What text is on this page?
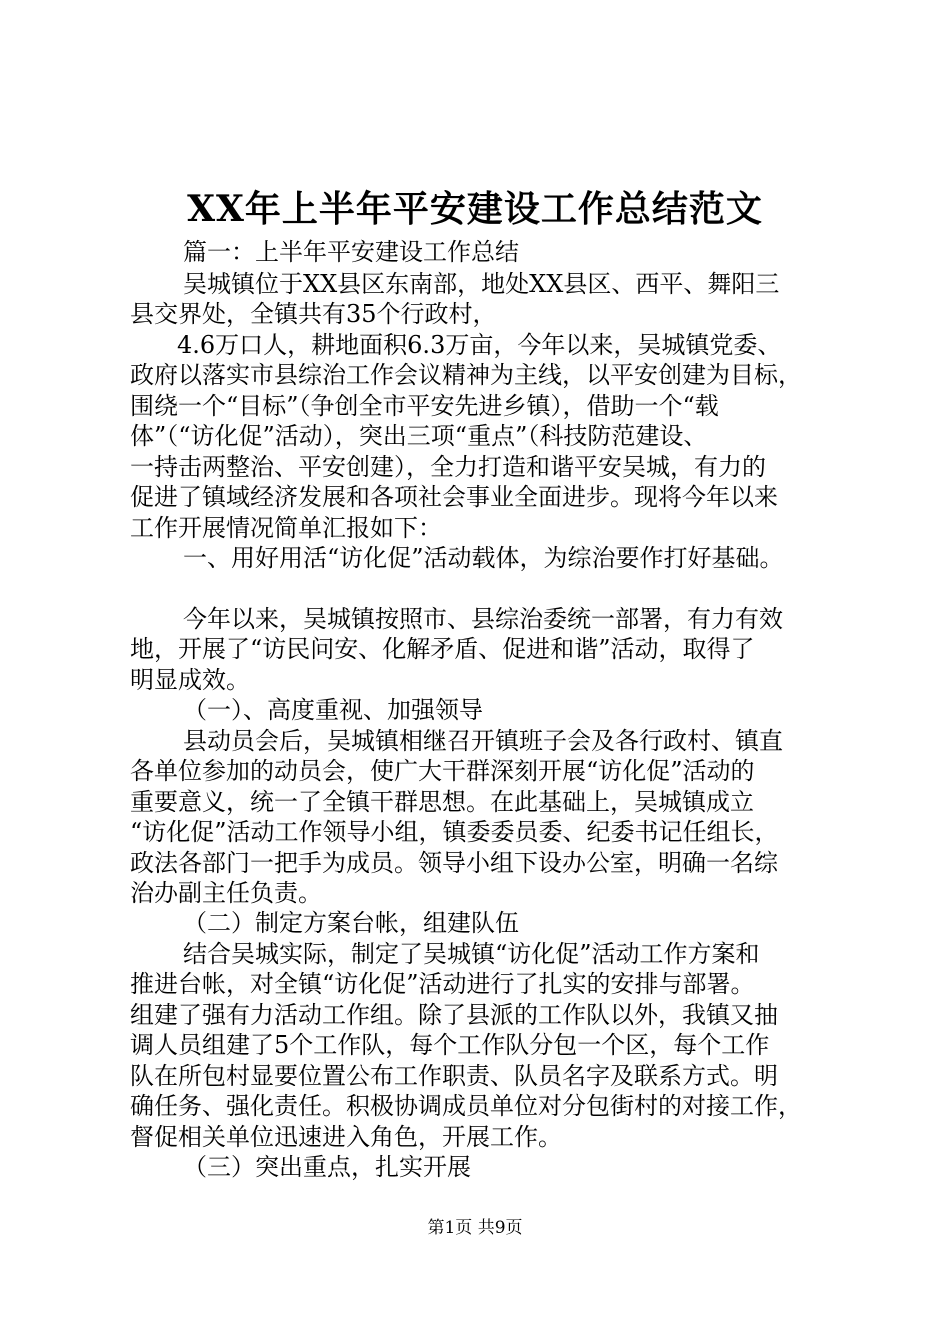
XX年上半年平安建设工作总结范文
篇一：上半年平安建设工作总结
吴城镇位于XX县区东南部，地处XX县区、西平、舞阳三
县交界处，全镇共有35个行政村，
4.6万口人，耕地面积6.3万亩，今年以来，吴城镇党委、
政府以落实市县综治工作会议精神为主线，以平安创建为目标，
围绕一个“目标”（争创全市平安先进乡镇），借助一个“载
体”（“访化促”活动），突出三项“重点”（科技防范建设、
一持击两整治、平安创建），全力打造和谐平安吴城，有力的
促进了镇域经济发展和各项社会事业全面进步。现将今年以来
工作开展情况简单汇报如下：
一、用好用活“访化促”活动载体，为综治要作打好基础。
今年以来，吴城镇按照市、县综治委统一部署，有力有效
地，开展了“访民问安、化解矛盾、促进和谐”活动，取得了
明显成效。
（一）、高度重视、加强领导
县动员会后，吴城镇相继召开镇班子会及各行政村、镇直
各单位参加的动员会，使广大干群深刻开展“访化促”活动的
重要意义，统一了全镇干群思想。在此基础上，吴城镇成立
“访化促”活动工作领导小组，镇委委员委、纪委书记任组长，
政法各部门一把手为成员。领导小组下设办公室，明确一名综
治办副主任负责。
（二）制定方案台帐，组建队伍
结合吴城实际，制定了吴城镇“访化促”活动工作方案和
推进台帐，对全镇“访化促”活动进行了扎实的安排与部署。
组建了强有力活动工作组。除了县派的工作队以外，我镇又抽
调人员组建了5个工作队，每个工作队分包一个区，每个工作
队在所包村显要位置公布工作职责、队员名字及联系方式。明
确任务、强化责任。积极协调成员单位对分包街村的对接工作，
督促相关单位迅速进入角色，开展工作。
（三）突出重点，扎实开展
第1页 共9页
